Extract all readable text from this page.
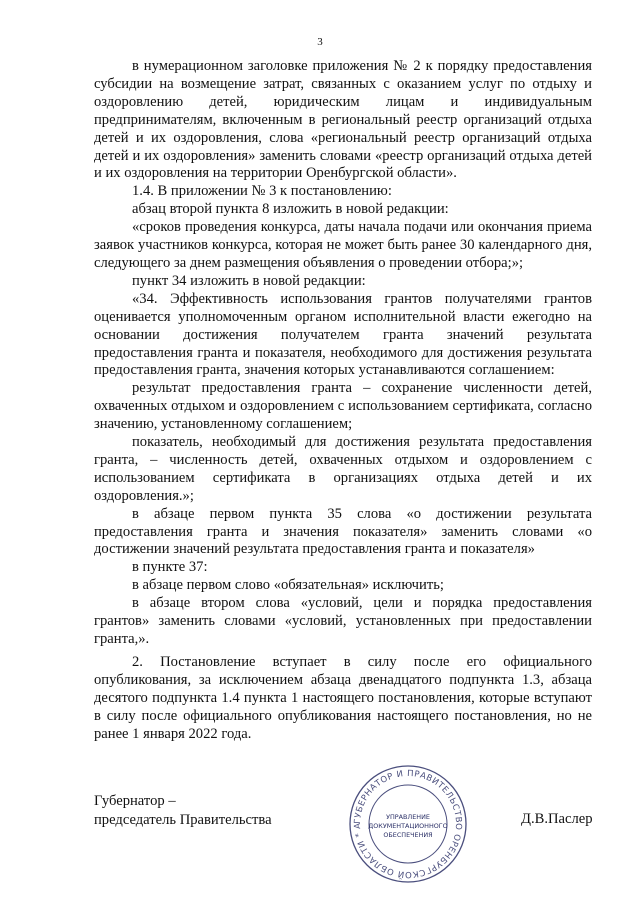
3

в нумерационном заголовке приложения № 2 к порядку предоставления субсидии на возмещение затрат, связанных с оказанием услуг по отдыху и оздоровлению детей, юридическим лицам и индивидуальным предпринимателям, включенным в региональный реестр организаций отдыха детей и их оздоровления, слова «региональный реестр организаций отдыха детей и их оздоровления» заменить словами «реестр организаций отдыха детей и их оздоровления на территории Оренбургской области».

1.4. В приложении № 3 к постановлению:

абзац второй пункта 8 изложить в новой редакции:

«сроков проведения конкурса, даты начала подачи или окончания приема заявок участников конкурса, которая не может быть ранее 30 календарного дня, следующего за днем размещения объявления о проведении отбора;»;

пункт 34 изложить в новой редакции:

«34. Эффективность использования грантов получателями грантов оценивается уполномоченным органом исполнительной власти ежегодно на основании достижения получателем гранта значений результата предоставления гранта и показателя, необходимого для достижения результата предоставления гранта, значения которых устанавливаются соглашением:

результат предоставления гранта – сохранение численности детей, охваченных отдыхом и оздоровлением с использованием сертификата, согласно значению, установленному соглашением;

показатель, необходимый для достижения результата предоставления гранта, – численность детей, охваченных отдыхом и оздоровлением с использованием сертификата в организациях отдыха детей и их оздоровления.»;

в абзаце первом пункта 35 слова «о достижении результата предоставления гранта и значения показателя» заменить словами «о достижении значений результата предоставления гранта и показателя»

в пункте 37:

в абзаце первом слово «обязательная» исключить;

в абзаце втором слова «условий, цели и порядка предоставления грантов» заменить словами «условий, установленных при предоставлении гранта,».

2. Постановление вступает в силу после его официального опубликования, за исключением абзаца двенадцатого подпункта 1.3, абзаца десятого подпункта 1.4 пункта 1 настоящего постановления, которые вступают в силу после официального опубликования настоящего постановления, но не ранее 1 января 2022 года.

Губернатор –
председатель Правительства	ГУБЕРНАТОР И ПРАВИТЕЛЬСТВО ОРЕНБУРГСКОЙ ОБЛАСТИ * А
УПРАВЛЕНИЕ
ДОКУМЕНТАЦИОННОГО
ОБЕСПЕЧЕНИЯ
Д.В.Паслер
